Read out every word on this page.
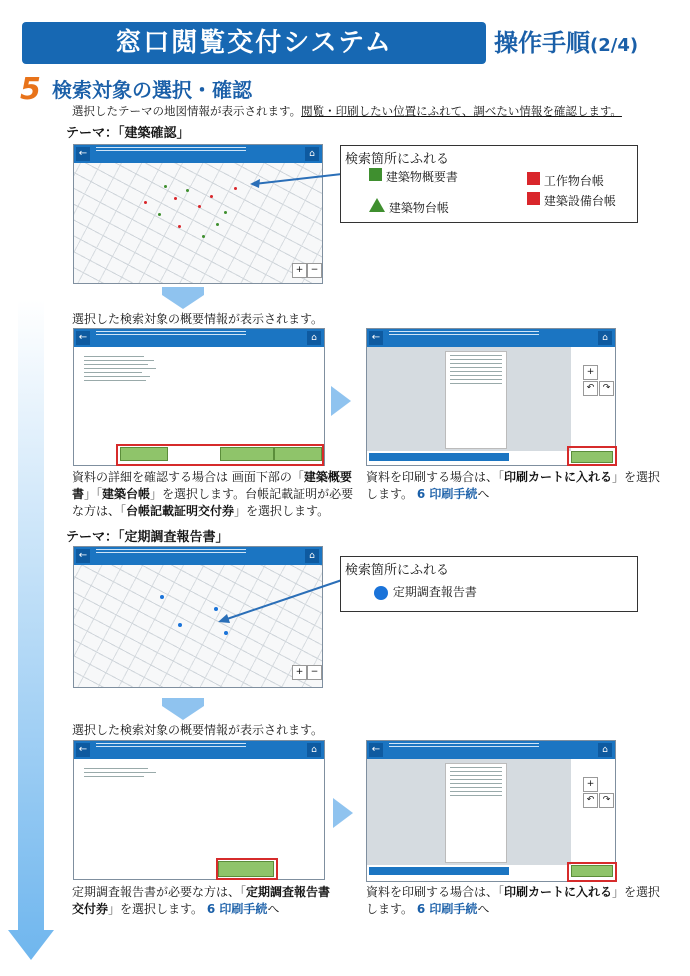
窓口閲覧交付システム	操作手順(2/4)
5 検索対象の選択・確認
選択したテーマの地図情報が表示されます。閲覧・印刷したい位置にふれて、調べたい情報を確認します。
テーマ：「建築確認」
←	⌂
+ −
検索箇所にふれる
建築物概要書	工作物台帳
建築物台帳	建築設備台帳
選択した検索対象の概要情報が表示されます。
←	⌂	←	⌂
+
↶ ↷
資料の詳細を確認する場合は 画面下部の「建築概要書」「建築台帳」を選択します。台帳記載証明が必要な方は、「台帳記載証明交付券」を選択します。
資料を印刷する場合は、「印刷カートに入れる」を選択します。 6 印刷手続へ
テーマ：「定期調査報告書」
←	⌂
+ −
検索箇所にふれる
定期調査報告書
選択した検索対象の概要情報が表示されます。
←	⌂	←	⌂
+
↶ ↷
定期調査報告書が必要な方は、「定期調査報告書交付券」を選択します。 6 印刷手続へ
資料を印刷する場合は、「印刷カートに入れる」を選択します。 6 印刷手続へ
